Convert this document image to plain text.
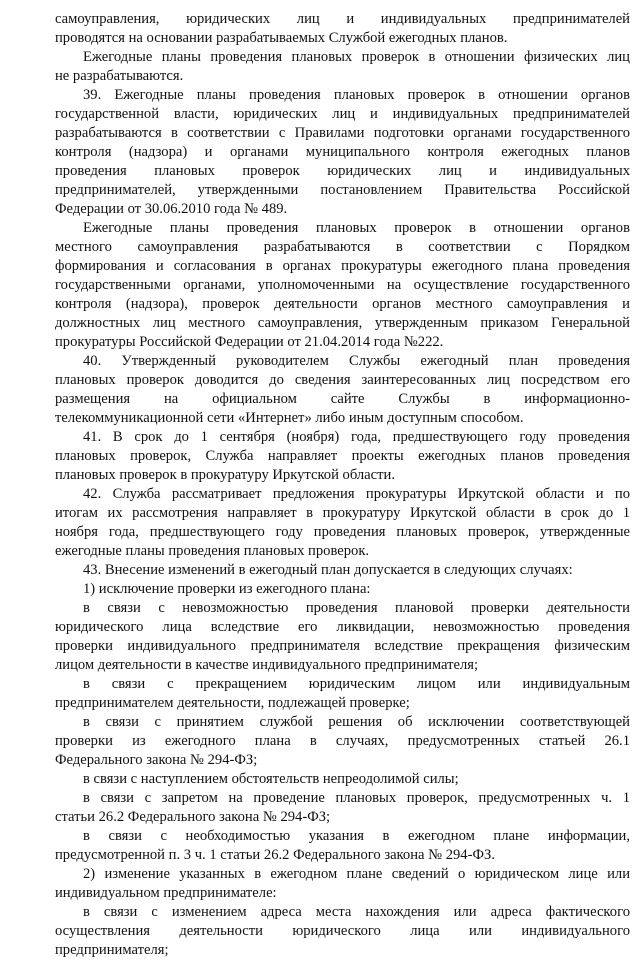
самоуправления, юридических лиц и индивидуальных предпринимателей
проводятся на основании разрабатываемых Службой ежегодных планов.
Ежегодные планы проведения плановых проверок в отношении физических лиц
не разрабатываются.
39. Ежегодные планы проведения плановых проверок в отношении органов
государственной власти, юридических лиц и индивидуальных предпринимателей
разрабатываются в соответствии с Правилами подготовки органами государственного
контроля (надзора) и органами муниципального контроля ежегодных планов
проведения плановых проверок юридических лиц и индивидуальных
предпринимателей, утвержденными постановлением Правительства Российской
Федерации от 30.06.2010 года № 489.
Ежегодные планы проведения плановых проверок в отношении органов
местного самоуправления разрабатываются в соответствии с Порядком
формирования и согласования в органах прокуратуры ежегодного плана проведения
государственными органами, уполномоченными на осуществление государственного
контроля (надзора), проверок деятельности органов местного самоуправления и
должностных лиц местного самоуправления, утвержденным приказом Генеральной
прокуратуры Российской Федерации от 21.04.2014 года №222.
40. Утвержденный руководителем Службы ежегодный план проведения
плановых проверок доводится до сведения заинтересованных лиц посредством его
размещения на официальном сайте Службы в информационно-
телекоммуникационной сети «Интернет» либо иным доступным способом.
41. В срок до 1 сентября (ноября) года, предшествующего году проведения
плановых проверок, Служба направляет проекты ежегодных планов проведения
плановых проверок в прокуратуру Иркутской области.
42. Служба рассматривает предложения прокуратуры Иркутской области и по
итогам их рассмотрения направляет в прокуратуру Иркутской области в срок до 1
ноября года, предшествующего году проведения плановых проверок, утвержденные
ежегодные планы проведения плановых проверок.
43. Внесение изменений в ежегодный план допускается в следующих случаях:
1) исключение проверки из ежегодного плана:
в связи с невозможностью проведения плановой проверки деятельности
юридического лица вследствие его ликвидации, невозможностью проведения
проверки индивидуального предпринимателя вследствие прекращения физическим
лицом деятельности в качестве индивидуального предпринимателя;
в связи с прекращением юридическим лицом или индивидуальным
предпринимателем деятельности, подлежащей проверке;
в связи с принятием службой решения об исключении соответствующей
проверки из ежегодного плана в случаях, предусмотренных статьей 26.1
Федерального закона № 294-ФЗ;
в связи с наступлением обстоятельств непреодолимой силы;
в связи с запретом на проведение плановых проверок, предусмотренных ч. 1
статьи 26.2 Федерального закона № 294-ФЗ;
в связи с необходимостью указания в ежегодном плане информации,
предусмотренной п. 3 ч. 1 статьи 26.2 Федерального закона № 294-ФЗ.
2) изменение указанных в ежегодном плане сведений о юридическом лице или
индивидуальном предпринимателе:
в связи с изменением адреса места нахождения или адреса фактического
осуществления деятельности юридического лица или индивидуального
предпринимателя;
